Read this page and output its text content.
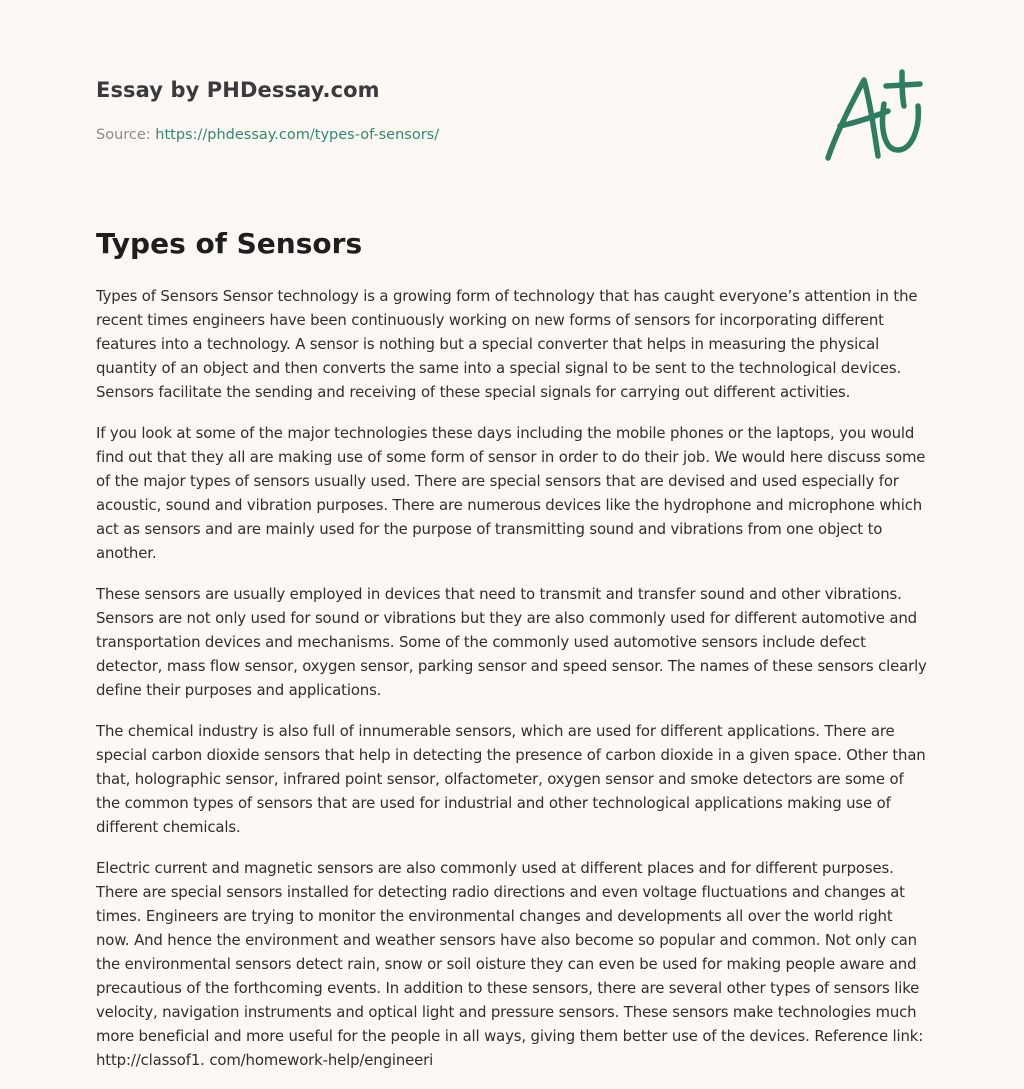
Essay by PHDessay.com
Source: https://phdessay.com/types-of-sensors/
Types of Sensors

Types of Sensors Sensor technology is a growing form of technology that has caught everyone’s attention in the recent times engineers have been continuously working on new forms of sensors for incorporating different features into a technology. A sensor is nothing but a special converter that helps in measuring the physical quantity of an object and then converts the same into a special signal to be sent to the technological devices. Sensors facilitate the sending and receiving of these special signals for carrying out different activities.

If you look at some of the major technologies these days including the mobile phones or the laptops, you would find out that they all are making use of some form of sensor in order to do their job. We would here discuss some of the major types of sensors usually used. There are special sensors that are devised and used especially for acoustic, sound and vibration purposes. There are numerous devices like the hydrophone and microphone which act as sensors and are mainly used for the purpose of transmitting sound and vibrations from one object to another.

These sensors are usually employed in devices that need to transmit and transfer sound and other vibrations. Sensors are not only used for sound or vibrations but they are also commonly used for different automotive and transportation devices and mechanisms. Some of the commonly used automotive sensors include defect detector, mass flow sensor, oxygen sensor, parking sensor and speed sensor. The names of these sensors clearly define their purposes and applications.

The chemical industry is also full of innumerable sensors, which are used for different applications. There are special carbon dioxide sensors that help in detecting the presence of carbon dioxide in a given space. Other than that, holographic sensor, infrared point sensor, olfactometer, oxygen sensor and smoke detectors are some of the common types of sensors that are used for industrial and other technological applications making use of different chemicals.

Electric current and magnetic sensors are also commonly used at different places and for different purposes. There are special sensors installed for detecting radio directions and even voltage fluctuations and changes at times. Engineers are trying to monitor the environmental changes and developments all over the world right now. And hence the environment and weather sensors have also become so popular and common. Not only can the environmental sensors detect rain, snow or soil oisture they can even be used for making people aware and precautious of the forthcoming events. In addition to these sensors, there are several other types of sensors like velocity, navigation instruments and optical light and pressure sensors. These sensors make technologies much more beneficial and more useful for the people in all ways, giving them better use of the devices. Reference link: http://classof1. com/homework-help/engineeri
